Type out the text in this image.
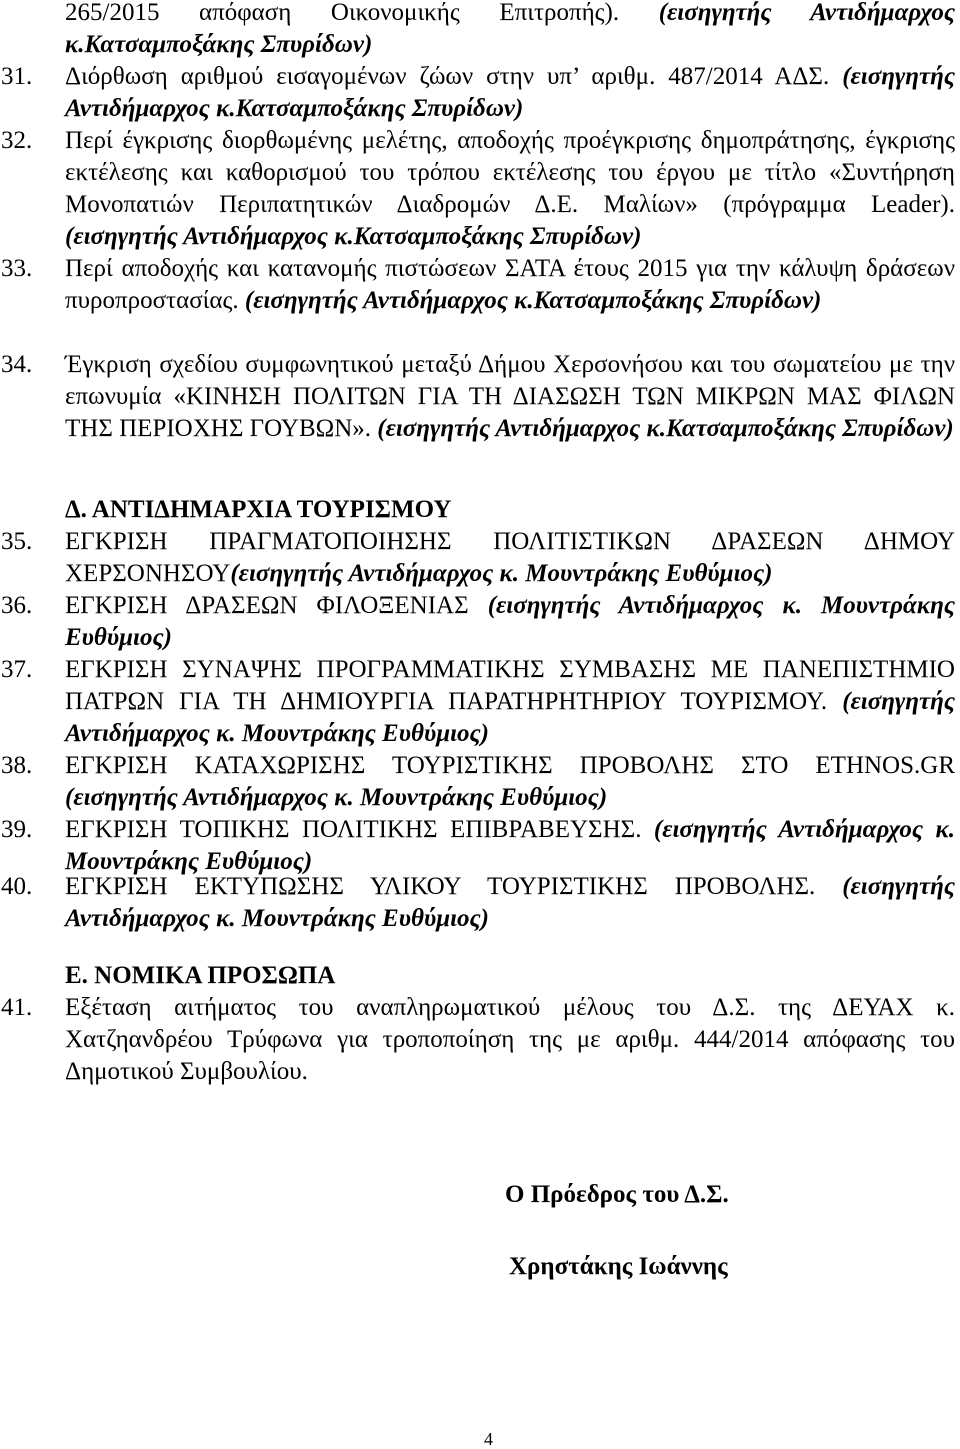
265/2015 απόφαση Οικονομικής Επιτροπής). (εισηγητής Αντιδήμαρχος κ.Κατσαμποξάκης Σπυρίδων)
31.	Διόρθωση αριθμού εισαγομένων ζώων στην υπ’ αριθμ. 487/2014 ΑΔΣ. (εισηγητής Αντιδήμαρχος κ.Κατσαμποξάκης Σπυρίδων)
32.	Περί έγκρισης διορθωμένης μελέτης, αποδοχής προέγκρισης δημοπράτησης, έγκρισης εκτέλεσης και καθορισμού του τρόπου εκτέλεσης του έργου με τίτλο «Συντήρηση Μονοπατιών Περιπατητικών Διαδρομών Δ.Ε. Μαλίων» (πρόγραμμα Leader). (εισηγητής Αντιδήμαρχος κ.Κατσαμποξάκης Σπυρίδων)
33.	Περί αποδοχής και κατανομής πιστώσεων ΣΑΤΑ έτους 2015 για την κάλυψη δράσεων πυροπροστασίας. (εισηγητής Αντιδήμαρχος κ.Κατσαμποξάκης Σπυρίδων)
34.	Έγκριση σχεδίου συμφωνητικού μεταξύ Δήμου Χερσονήσου και του σωματείου με την επωνυμία «ΚΙΝΗΣΗ ΠΟΛΙΤΩΝ ΓΙΑ ΤΗ ΔΙΑΣΩΣΗ ΤΩΝ ΜΙΚΡΩΝ ΜΑΣ ΦΙΛΩΝ ΤΗΣ ΠΕΡΙΟΧΗΣ ΓΟΥΒΩΝ». (εισηγητής Αντιδήμαρχος κ.Κατσαμποξάκης Σπυρίδων)
Δ. ΑΝΤΙΔΗΜΑΡΧΙΑ ΤΟΥΡΙΣΜΟΥ
35.	ΕΓΚΡΙΣΗ ΠΡΑΓΜΑΤΟΠΟΙΗΣΗΣ ΠΟΛΙΤΙΣΤΙΚΩΝ ΔΡΑΣΕΩΝ ΔΗΜΟΥ ΧΕΡΣΟΝΗΣΟΥ(εισηγητής Αντιδήμαρχος κ. Μουντράκης Ευθύμιος)
36.	ΕΓΚΡΙΣΗ ΔΡΑΣΕΩΝ ΦΙΛΟΞΕΝΙΑΣ (εισηγητής Αντιδήμαρχος κ. Μουντράκης Ευθύμιος)
37.	ΕΓΚΡΙΣΗ ΣΥΝΑΨΗΣ ΠΡΟΓΡΑΜΜΑΤΙΚΗΣ ΣΥΜΒΑΣΗΣ ΜΕ ΠΑΝΕΠΙΣΤΗΜΙΟ ΠΑΤΡΩΝ ΓΙΑ ΤΗ ΔΗΜΙΟΥΡΓΙΑ ΠΑΡΑΤΗΡΗΤΗΡΙΟΥ ΤΟΥΡΙΣΜΟΥ. (εισηγητής Αντιδήμαρχος κ. Μουντράκης Ευθύμιος)
38.	ΕΓΚΡΙΣΗ ΚΑΤΑΧΩΡΙΣΗΣ ΤΟΥΡΙΣΤΙΚΗΣ ΠΡΟΒΟΛΗΣ ΣΤΟ ETHNOS.GR (εισηγητής Αντιδήμαρχος κ. Μουντράκης Ευθύμιος)
39.	ΕΓΚΡΙΣΗ ΤΟΠΙΚΗΣ ΠΟΛΙΤΙΚΗΣ ΕΠΙΒΡΑΒΕΥΣΗΣ. (εισηγητής Αντιδήμαρχος κ. Μουντράκης Ευθύμιος)
40.	ΕΓΚΡΙΣΗ ΕΚΤΥΠΩΣΗΣ ΥΛΙΚΟΥ ΤΟΥΡΙΣΤΙΚΗΣ ΠΡΟΒΟΛΗΣ. (εισηγητής Αντιδήμαρχος κ. Μουντράκης Ευθύμιος)
Ε. ΝΟΜΙΚΑ ΠΡΟΣΩΠΑ
41.	Εξέταση αιτήματος του αναπληρωματικού μέλους του Δ.Σ. της ΔΕΥΑΧ κ. Χατζηανδρέου Τρύφωνα για τροποποίηση της με αριθμ. 444/2014 απόφασης του Δημοτικού Συμβουλίου.
Ο Πρόεδρος του Δ.Σ.
Χρηστάκης Ιωάννης
4
